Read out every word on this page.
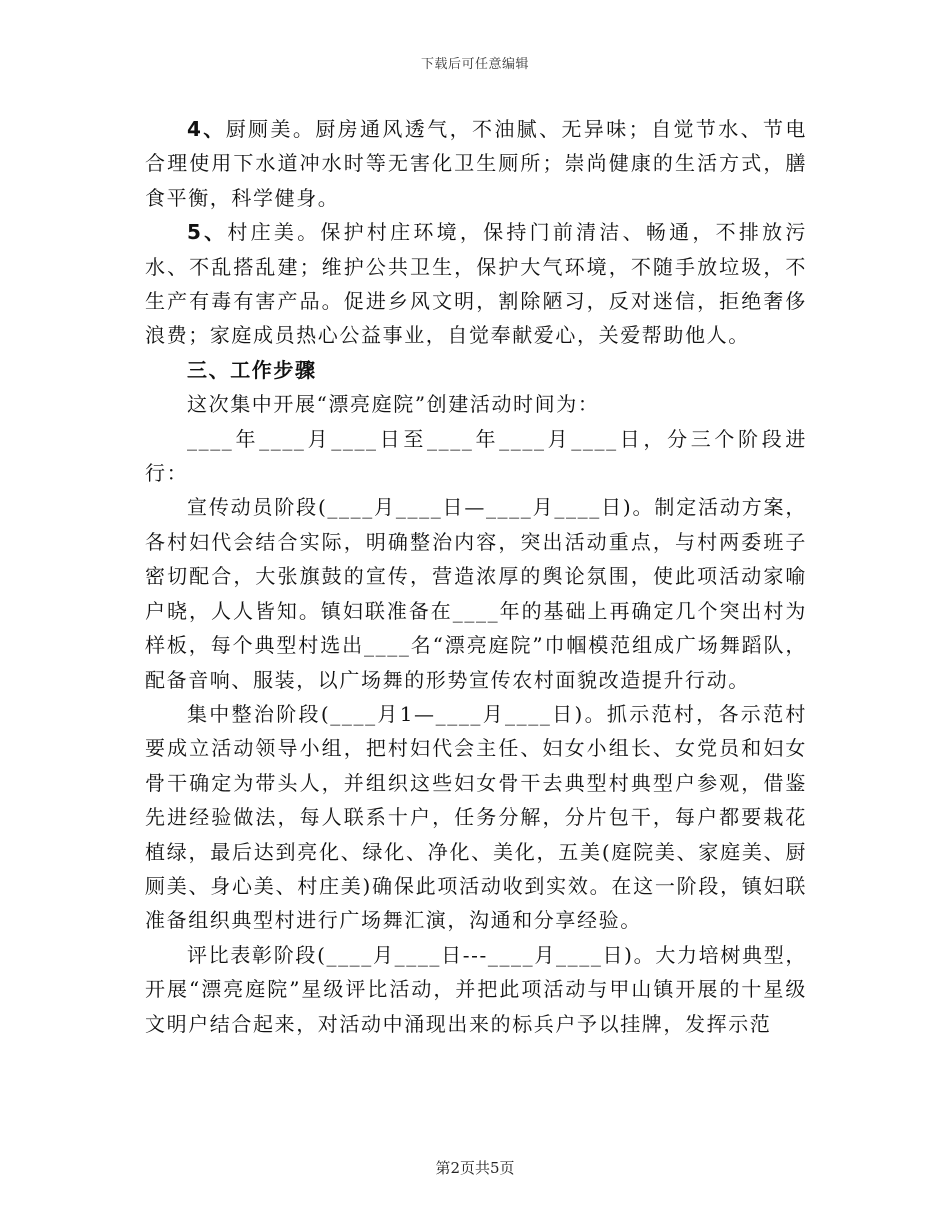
下载后可任意编辑

4、厨厕美。厨房通风透气，不油腻、无异味；自觉节水、节电合理使用下水道冲水时等无害化卫生厕所；崇尚健康的生活方式，膳食平衡，科学健身。

5、村庄美。保护村庄环境，保持门前清洁、畅通，不排放污水、不乱搭乱建；维护公共卫生，保护大气环境，不随手放垃圾，不生产有毒有害产品。促进乡风文明，割除陋习，反对迷信，拒绝奢侈浪费；家庭成员热心公益事业，自觉奉献爱心，关爱帮助他人。

三、工作步骤

这次集中开展“漂亮庭院”创建活动时间为：

____年____月____日至____年____月____日，分三个阶段进行：

宣传动员阶段(____月____日—____月____日)。制定活动方案，各村妇代会结合实际，明确整治内容，突出活动重点，与村两委班子密切配合，大张旗鼓的宣传，营造浓厚的舆论氛围，使此项活动家喻户晓，人人皆知。镇妇联准备在____年的基础上再确定几个突出村为样板，每个典型村选出____名“漂亮庭院”巾帼模范组成广场舞蹈队，配备音响、服装，以广场舞的形势宣传农村面貌改造提升行动。

集中整治阶段(____月1—____月____日)。抓示范村，各示范村要成立活动领导小组，把村妇代会主任、妇女小组长、女党员和妇女骨干确定为带头人，并组织这些妇女骨干去典型村典型户参观，借鉴先进经验做法，每人联系十户，任务分解，分片包干，每户都要栽花植绿，最后达到亮化、绿化、净化、美化，五美(庭院美、家庭美、厨厕美、身心美、村庄美)确保此项活动收到实效。在这一阶段，镇妇联准备组织典型村进行广场舞汇演，沟通和分享经验。

评比表彰阶段(____月____日---____月____日)。大力培树典型，开展“漂亮庭院”星级评比活动，并把此项活动与甲山镇开展的十星级文明户结合起来，对活动中涌现出来的标兵户予以挂牌，发挥示范

第2页共5页
